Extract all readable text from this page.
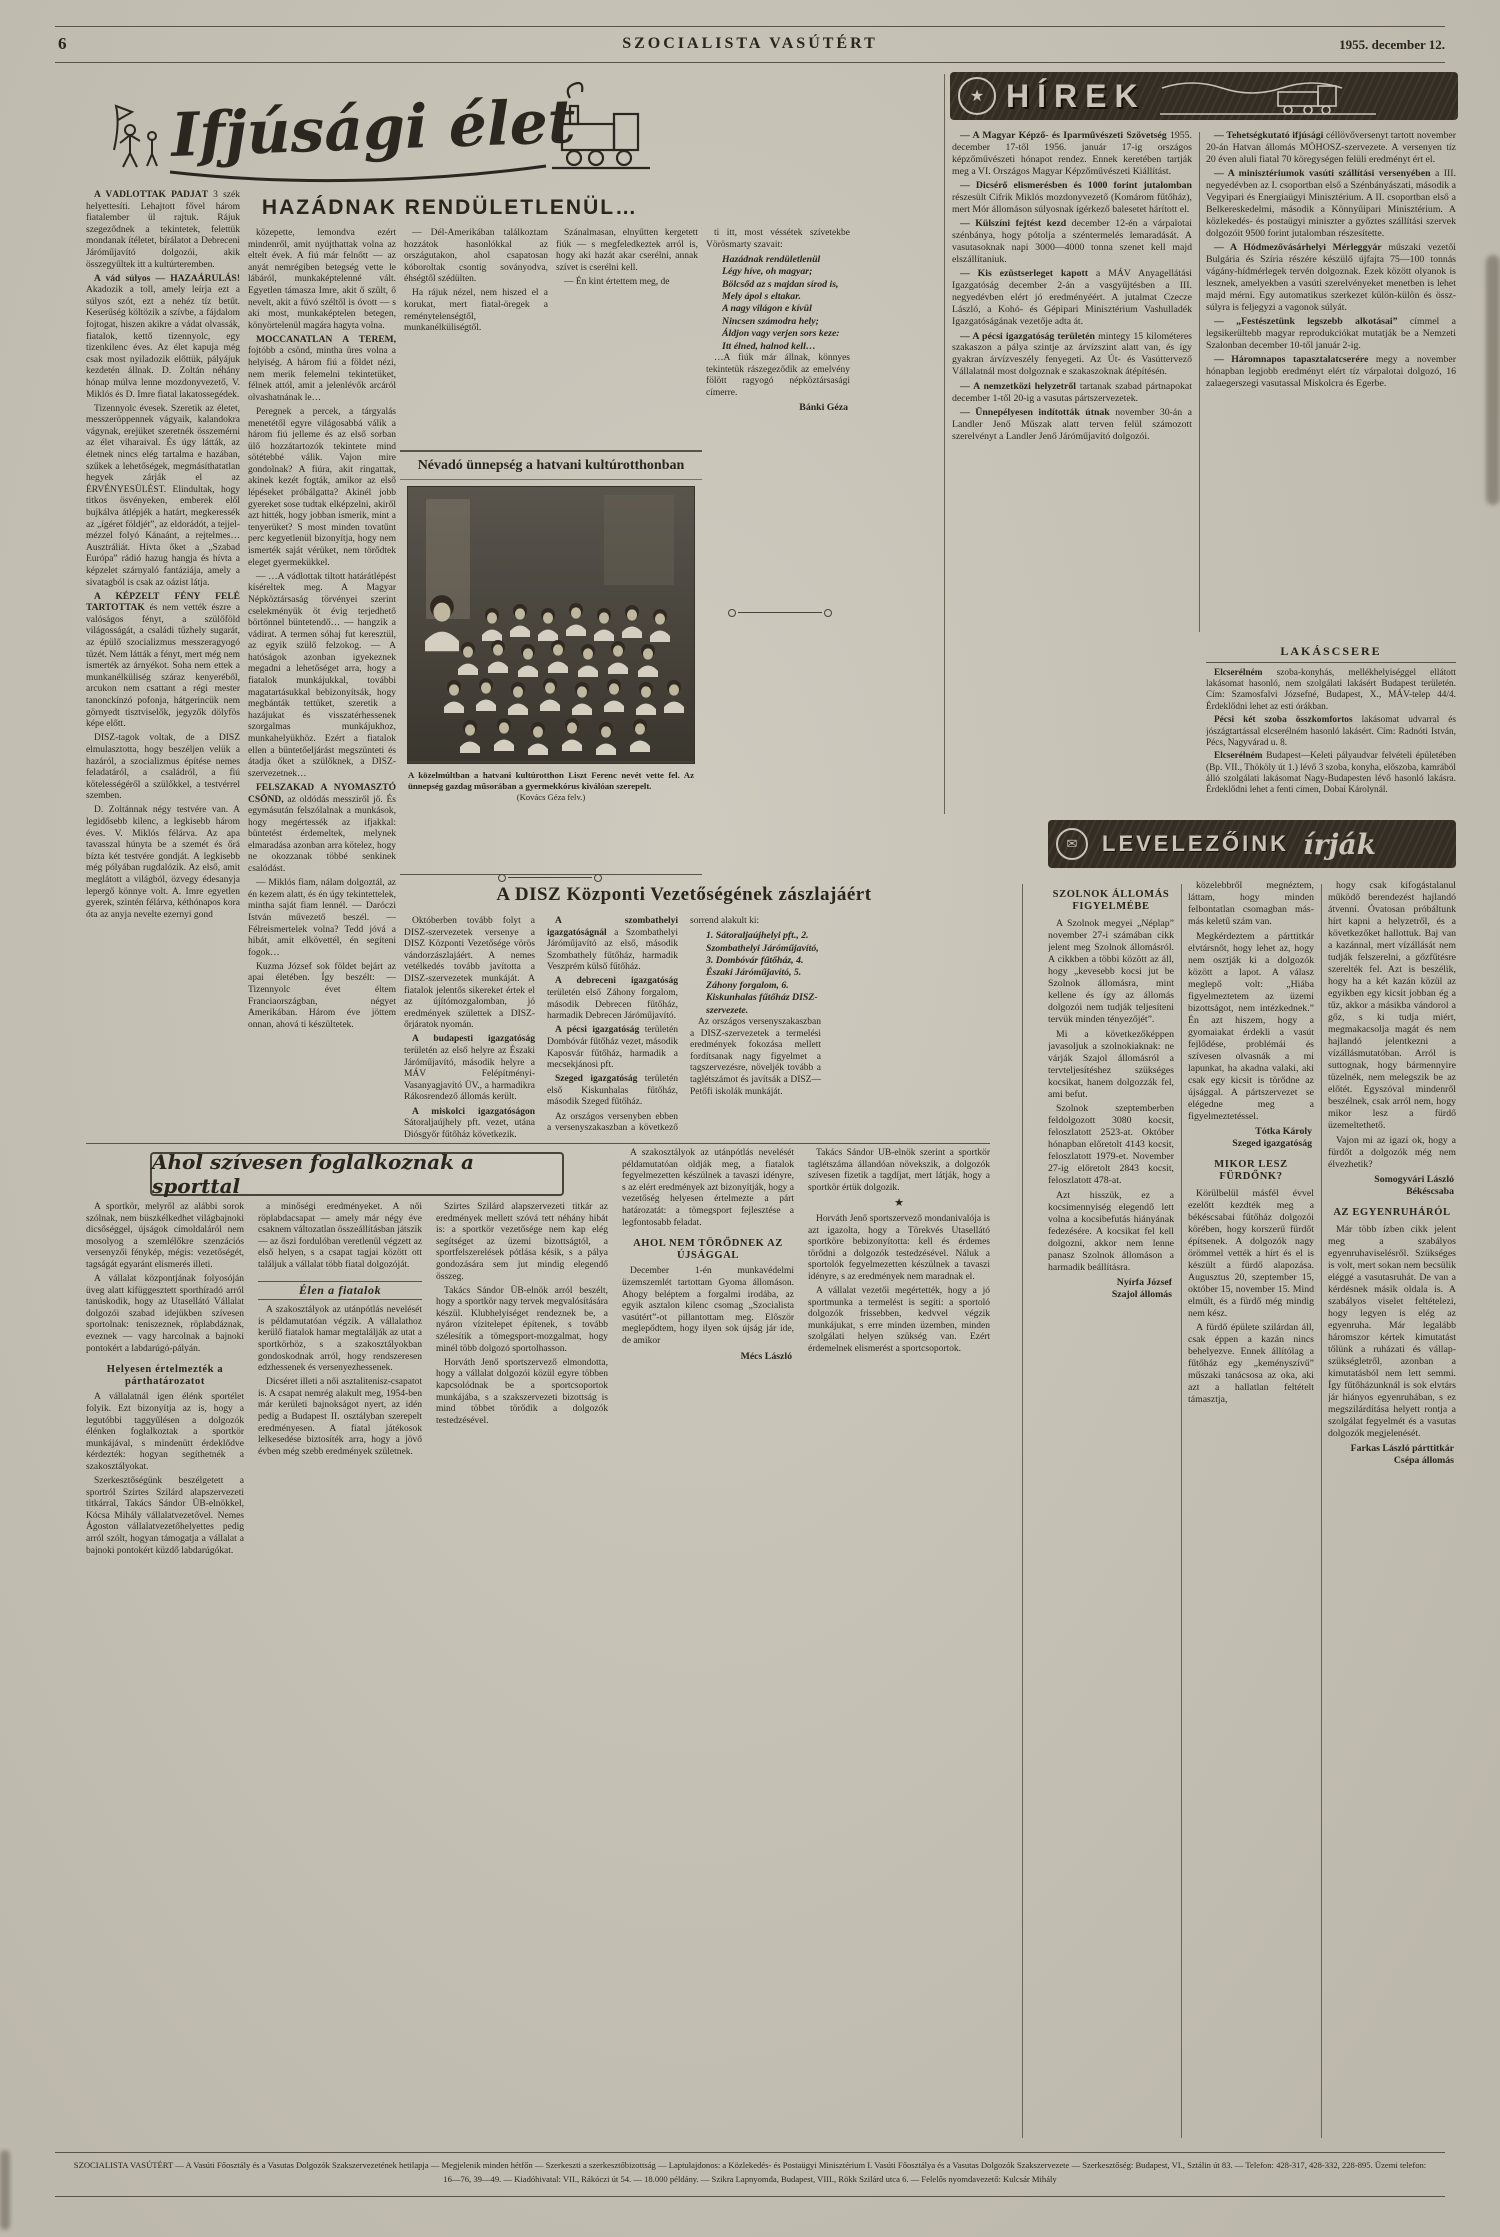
6	SZOCIALISTA VASÚTÉRT	1955. december 12.
Ifjúsági élet
HAZÁDNAK RENDÜLETLENÜL…

A VÁDLOTTAK PADJÁT 3 szék helyettesíti. Lehajtott fővel három fiatalember ül rajtuk. Rájuk szegeződnek a tekintetek, felettük mondanak ítéletet, bírálatot a Debreceni Járóműjavító dolgozói, akik összegyűltek itt a kultúrteremben.

A vád súlyos — HAZAÁRULÁS! Akadozik a toll, amely leírja ezt a súlyos szót, ezt a nehéz tíz betűt. Keserűség költözik a szívbe, a fájdalom fojtogat, hiszen akikre a vádat olvassák, fiatalok, kettő tizennyolc, egy tizenkilenc éves. Az élet kapuja még csak most nyiladozik előttük, pályájuk kezdetén állnak. D. Zoltán néhány hónap múlva lenne mozdonyvezető, V. Miklós és D. Imre fiatal lakatossegédek.

Tizennyolc évesek. Szeretik az életet, messzeröppennek vágyaik, kalandokra vágynak, erejüket szeretnék összemérni az élet viharaival. És úgy látták, az életnek nincs elég tartalma e hazában, szűkek a lehetőségek, megmásíthatatlan hegyek zárják el az ÉRVÉNYESÜLÉST. Elindultak, hogy titkos ösvényeken, emberek elől bujkálva átlépjék a határt, megkeressék az „ígéret földjét”, az eldorádót, a tejjel-mézzel folyó Kánaánt, a rejtelmes… Ausztráliát. Hívta őket a „Szabad Európa” rádió hazug hangja és hívta a képzelet szárnyaló fantáziája, amely a sivatagból is csak az oázist látja.

A KÉPZELT FÉNY FELÉ TARTOTTAK és nem vették észre a valóságos fényt, a szülőföld világosságát, a családi tűzhely sugarát, az épülő szocializmus messzeragyogó tüzét. Nem látták a fényt, mert még nem ismerték az árnyékot. Soha nem ettek a munkanélküliség száraz kenyeréből, arcukon nem csattant a régi mester tanonckínzó pofonja, hátgerincük nem görnyedt tisztviselők, jegyzők dölyfös képe előtt.

DISZ-tagok voltak, de a DISZ elmulasztotta, hogy beszéljen velük a hazáról, a szocializmus építése nemes feladatáról, a családról, a fiú kötelességéről a szülőkkel, a testvérrel szemben.

D. Zoltánnak négy testvére van. A legidősebb kilenc, a legkisebb három éves. V. Miklós félárva. Az apa tavasszal húnyta be a szemét és őrá bízta két testvére gondját. A legkisebb még pólyában rugdalózik. Az első, amit meglátott a világból, özvegy édesanyja lepergő könnye volt. A. Imre egyetlen gyerek, szintén félárva, kéthónapos kora óta az anyja nevelte ezernyi gond

közepette, lemondva ezért mindenről, amit nyújthattak volna az eltelt évek. A fiú már felnőtt — az anyát nemrégiben betegség vette le lábáról, munkaképtelenné vált. Egyetlen támasza Imre, akit ő szült, ő nevelt, akit a fúvó széltől is óvott — s aki most, munkaképtelen betegen, könyörtelenül magára hagyta volna.

MOCCANATLAN A TEREM, fojtóbb a csönd, mintha üres volna a helyiség. A három fiú a földet nézi, nem merik felemelni tekintetüket, félnek attól, amit a jelenlévők arcáról olvashatnának le…

Peregnek a percek, a tárgyalás menetétől egyre világosabbá válik a három fiú jelleme és az első sorban ülő hozzátartozók tekintete mind sötétebbé válik. Vajon mire gondolnak? A fiúra, akit ringattak, akinek kezét fogták, amikor az első lépéseket próbálgatta? Akinél jobb gyereket sose tudtak elképzelni, akiről azt hitték, hogy jobban ismerik, mint a tenyerüket? S most minden tovatűnt perc kegyetlenül bizonyítja, hogy nem ismerték saját vérüket, nem törődtek eleget gyermekükkel.

— …A vádlottak tiltott határátlépést kíséreltek meg. A Magyar Népköztársaság törvényei szerint cselekményük öt évig terjedhető börtönnel büntetendő… — hangzik a vádirat. A termen sóhaj fut keresztül, az egyik szülő felzokog. — A hatóságok azonban igyekeznek megadni a lehetőséget arra, hogy a fiatalok munkájukkal, további magatartásukkal bebizonyítsák, hogy megbánták tettüket, szeretik a hazájukat és visszatérhessenek szorgalmas munkájukhoz, munkahelyükhöz. Ezért a fiatalok ellen a büntetőeljárást megszünteti és átadja őket a szülőknek, a DISZ-szervezetnek…

FELSZAKAD A NYOMASZTÓ CSÖND, az oldódás messziről jő. És egymásután felszólalnak a munkások, hogy megértessék az ifjakkal: büntetést érdemeltek, melynek elmaradása azonban arra kötelez, hogy ne okozzanak többé senkinek csalódást.

— Miklós fiam, nálam dolgoztál, az én kezem alatt, és én úgy tekintettelek, mintha saját fiam lennél. — Daróczi István művezető beszél. — Félreismertelek volna? Tedd jóvá a hibát, amit elkövettél, én segíteni fogok…

Kuzma József sok földet bejárt az apai életében. Így beszélt: — Tizennyolc évet éltem Franciaországban, négyet Amerikában. Három éve jöttem onnan, ahová ti készültetek.

— Dél-Amerikában találkoztam hozzátok hasonlókkal az országutakon, ahol csapatosan kóboroltak csontig soványodva, éhségtől szédülten.

Ha rájuk nézel, nem hiszed el a korukat, mert fiatal-öregek a reménytelenségtől, munkanélküliségtől.

Szánalmasan, elnyűtten kergetett fiúk — s megfeledkeztek arról is, hogy aki hazát akar cserélni, annak szívet is cserélni kell.

— Én kint értettem meg, de

ti itt, most véssétek szívetekbe Vörösmarty szavait:

Hazádnak rendületlenül
Légy híve, oh magyar;
Bölcsőd az s majdan sírod is,
Mely ápol s eltakar.
A nagy világon e kívül
Nincsen számodra hely;
Áldjon vagy verjen sors keze:
Itt élned, halnod kell…

…A fiúk már állnak, könnyes tekintetük rászegeződik az emelvény fölött ragyogó népköztársasági címerre.

Bánki Géza
Névadó ünnepség a hatvani kultúrotthonban
A közelmúltban a hatvani kultúrotthon Liszt Ferenc nevét vette fel. Az ünnepség gazdag műsorában a gyermekkórus kiválóan szerepelt.
(Kovács Géza felv.)
A DISZ Központi Vezetőségének zászlajáért

Októberben tovább folyt a DISZ-szervezetek versenye a DISZ Központi Vezetősége vörös vándorzászlajáért. A nemes vetélkedés tovább javította a DISZ-szervezetek munkáját. A fiatalok jelentős sikereket értek el az újítómozgalomban, jó eredmények születtek a DISZ-őrjáratok nyomán.

A budapesti igazgatóság területén az első helyre az Északi Járóműjavító, második helyre a MÁV Felépítményi-Vasanyagjavító ÜV., a harmadikra Rákosrendező állomás került.

A miskolci igazgatóságon Sátoraljaújhely pft. vezet, utána Diósgyőr fűtőház következik.

A szombathelyi igazgatóságnál a Szombathelyi Járóműjavító az első, második Szombathely fűtőház, harmadik Veszprém külső fűtőház.

A debreceni igazgatóság területén első Záhony forgalom, második Debrecen fűtőház, harmadik Debrecen Járóműjavító.

A pécsi igazgatóság területén Dombóvár fűtőház vezet, második Kaposvár fűtőház, harmadik a mecsekjánosi pft.

Szeged igazgatóság területén első Kiskunhalas fűtőház, második Szeged fűtőház.

Az országos versenyben ebben a versenyszakaszban a következő sorrend alakult ki:

1. Sátoraljaújhelyi pft., 2. Szombathelyi Járóműjavító, 3. Dombóvár fűtőház, 4. Északi Járóműjavító, 5. Záhony forgalom, 6. Kiskunhalas fűtőház DISZ-szervezete.

Az országos versenyszakaszban a DISZ-szervezetek a termelési eredmények fokozása mellett fordítsanak nagy figyelmet a tagszervezésre, növeljék tovább a taglétszámot és javítsák a DISZ—Petőfi iskolák munkáját.

★ HÍREK

— A Magyar Képző- és Iparművészeti Szövetség 1955. december 17-től 1956. január 17-ig országos képzőművészeti hónapot rendez. Ennek keretében tartják meg a VI. Országos Magyar Képzőművészeti Kiállítást.

— Dicsérő elismerésben és 1000 forint jutalomban részesült Cifrik Miklós mozdonyvezető (Komárom fűtőház), mert Mór állomáson súlyosnak ígérkező balesetet hárított el.

— Külszíni fejtést kezd december 12-én a várpalotai szénbánya, hogy pótolja a széntermelés lemaradását. A vasutasoknak napi 3000—4000 tonna szenet kell majd elszállítaniuk.

— Kis ezüstserleget kapott a MÁV Anyagellátási Igazgatóság december 2-án a vasgyűjtésben a III. negyedévben elért jó eredményéért. A jutalmat Czecze László, a Kohó- és Gépipari Minisztérium Vashulladék Igazgatóságának vezetője adta át.

— A pécsi igazgatóság területén mintegy 15 kilométeres szakaszon a pálya szintje az árvízszint alatt van, és így gyakran árvízveszély fenyegeti. Az Út- és Vasúttervező Vállalatnál most dolgoznak e szakaszoknak átépítésén.

— A nemzetközi helyzetről tartanak szabad pártnapokat december 1-től 20-ig a vasutas pártszervezetek.

— Ünnepélyesen indították útnak november 30-án a Landler Jenő Műszak alatt terven felül számozott szerelvényt a Landler Jenő Járóműjavító dolgozói.

— Tehetségkutató ifjúsági céllövőversenyt tartott november 20-án Hatvan állomás MÖHOSZ-szervezete. A versenyen tíz 20 éven aluli fiatal 70 köregységen felüli eredményt ért el.

— A minisztériumok vasúti szállítási versenyében a III. negyedévben az I. csoportban első a Szénbányászati, második a Vegyipari és Energiaügyi Minisztérium. A II. csoportban első a Belkereskedelmi, második a Könnyűipari Minisztérium. A közlekedés- és postaügyi miniszter a győztes szállítási szervek dolgozóit 9500 forint jutalomban részesítette.

— A Hódmezővásárhelyi Mérleggyár műszaki vezetői Bulgária és Szíria részére készülő újfajta 75—100 tonnás vágány-hídmérlegek tervén dolgoznak. Ezek között olyanok is lesznek, amelyekben a vasúti szerelvényeket menetben is lehet majd mérni. Egy automatikus szerkezet külön-külön és össz-súlyra is feljegyzi a vagonok súlyát.

— „Festészetünk legszebb alkotásai” címmel a legsikerültebb magyar reprodukciókat mutatják be a Nemzeti Szalonban december 10-től január 2-ig.

— Háromnapos tapasztalatcserére megy a november hónapban legjobb eredményt elért tíz várpalotai dolgozó, 16 zalaegerszegi vasutassal Miskolcra és Egerbe.

LAKÁSCSERE

Elcserélném szoba-konyhás, mellékhelyiséggel ellátott lakásomat hasonló, nem szolgálati lakásért Budapest területén. Cím: Szamosfalvi Józsefné, Budapest, X., MÁV-telep 44/4. Érdeklődni lehet az esti órákban.

Pécsi két szoba összkomfortos lakásomat udvarral és jószágtartással elcserélném hasonló lakásért. Cím: Radnóti István, Pécs, Nagyvárad u. 8.

Elcserélném Budapest—Keleti pályaudvar felvételi épületében (Bp. VII., Thököly út 1.) lévő 3 szoba, konyha, előszoba, kamrából álló szolgálati lakásomat Nagy-Budapesten lévő hasonló lakásra. Érdeklődni lehet a fenti címen, Dobai Károlynál.

✉	LEVELEZŐINK írják
SZOLNOK ÁLLOMÁS FIGYELMÉBE

A Szolnok megyei „Néplap” november 27-i számában cikk jelent meg Szolnok állomásról. A cikkben a többi között az áll, hogy „kevesebb kocsi jut be Szolnok állomásra, mint kellene és így az állomás dolgozói nem tudják teljesíteni tervük minden tényezőjét”.

Mi a következőképpen javasoljuk a szolnokiaknak: ne várják Szajol állomásról a tervteljesítéshez szükséges kocsikat, hanem dolgozzák fel, ami befut.

Szolnok szeptemberben feldolgozott 3080 kocsit, feloszlatott 2523-at. Október hónapban előretolt 4143 kocsit, feloszlatott 1979-et. November 27-ig előretolt 2843 kocsit, feloszlatott 478-at.

Azt hisszük, ez a kocsimennyiség elegendő lett volna a kocsibefutás hiányának fedezésére. A kocsikat fel kell dolgozni, akkor nem lenne panasz Szolnok állomáson a harmadik beállításra.

Nyírfa József
Szajol állomás

közelebbről megnéztem, láttam, hogy minden felbontatlan csomagban más-más keletű szám van.

Megkérdeztem a párttitkár elvtársnőt, hogy lehet az, hogy nem osztják ki a dolgozók között a lapot. A válasz meglepő volt: „Hiába figyelmeztetem az üzemi bizottságot, nem intézkednek.” Én azt hiszem, hogy a gyomaiakat érdekli a vasút fejlődése, problémái és szívesen olvasnák a mi lapunkat, ha akadna valaki, aki csak egy kicsit is törődne az újsággal. A pártszervezet se elégedne meg a figyelmeztetéssel.

Tótka Károly
Szeged igazgatóság
MIKOR LESZ FÜRDŐNK?

Körülbelül másfél évvel ezelőtt kezdték meg a békéscsabai fűtőház dolgozói körében, hogy korszerű fürdőt építsenek. A dolgozók nagy örömmel vették a hírt és el is készült a fürdő alapozása. Augusztus 20, szeptember 15, október 15, november 15. Mind elmúlt, és a fürdő még mindig nem kész.

A fürdő épülete szilárdan áll, csak éppen a kazán nincs behelyezve. Ennek állítólag a fűtőház egy „keményszívű” műszaki tanácsosa az oka, aki azt a hallatlan feltételt támasztja,

hogy csak kifogástalanul működő berendezést hajlandó átvenni. Óvatosan próbáltunk hírt kapni a helyzetről, és a következőket hallottuk. Baj van a kazánnal, mert vízállását nem tudják felszerelni, a gőzfűtésre szerelték fel. Azt is beszélik, hogy ha a két kazán közül az egyikben egy kicsit jobban ég a tűz, akkor a másikba vándorol a gőz, s ki tudja miért, megmakacsolja magát és nem hajlandó jelentkezni a vízállásmutatóban. Arról is suttognak, hogy bármennyire tüzelnék, nem melegszik be az előtét. Egyszóval mindenről beszélnek, csak arról nem, hogy mikor lesz a fürdő üzemeltethető.

Vajon mi az igazi ok, hogy a fürdőt a dolgozók még nem élvezhetik?

Somogyvári László
Békéscsaba
AZ EGYENRUHÁRÓL

Már több ízben cikk jelent meg a szabályos egyenruhaviselésről. Szükséges is volt, mert sokan nem becsülik eléggé a vasutasruhát. De van a kérdésnek másik oldala is. A szabályos viselet feltételezi, hogy legyen is elég az egyenruha. Már legalább háromszor kértek kimutatást tőlünk a ruházati és vállap-szükségletről, azonban a kimutatásból nem lett semmi. Így fűtőházunknál is sok elvtárs jár hiányos egyenruhában, s ez megszilárdítása helyett rontja a szolgálat fegyelmét és a vasutas dolgozók megjelenését.

Farkas László párttitkár
Csépa állomás
Ahol szívesen foglalkoznak a sporttal

A sportkör, melyről az alábbi sorok szólnak, nem büszkélkedhet világbajnoki dicsőséggel, újságok címoldaláról nem mosolyog a szemlélőkre szenzációs versenyzői fénykép, mégis: vezetőségét, tagságát egyaránt elismerés illeti.

A vállalat központjának folyosóján üveg alatt kifüggesztett sporthíradó arról tanúskodik, hogy az Utasellátó Vállalat dolgozói szabad idejükben szívesen sportolnak: teniszeznek, röplabdáznak, eveznek — vagy harcolnak a bajnoki pontokért a labdarúgó-pályán.

Helyesen értelmezték a párthatározatot

A vállalatnál igen élénk sportélet folyik. Ezt bizonyítja az is, hogy a legutóbbi taggyűlésen a dolgozók élénken foglalkoztak a sportkör munkájával, s mindenütt érdeklődve kérdezték: hogyan segíthetnék a szakosztályokat.

Szerkesztőségünk beszélgetett a sportról Szirtes Szilárd alapszervezeti titkárral, Takács Sándor ÜB-elnökkel, Kócsa Mihály vállalatvezetővel. Nemes Ágoston vállalatvezetőhelyettes pedig arról szólt, hogyan támogatja a vállalat a bajnoki pontokért küzdő labdarúgókat.

a minőségi eredményeket. A női röplabdacsapat — amely már négy éve csaknem változatlan összeállításban játszik — az őszi fordulóban veretlenül végzett az első helyen, s a csapat tagjai között ott találjuk a vállalat több fiatal dolgozóját.

Élen a fiatalok

A szakosztályok az utánpótlás nevelését is példamutatóan végzik. A vállalathoz kerülő fiatalok hamar megtalálják az utat a sportkörhöz, s a szakosztályokban gondoskodnak arról, hogy rendszeresen edzhessenek és versenyezhessenek.

Dicséret illeti a női asztalitenisz-csapatot is. A csapat nemrég alakult meg, 1954-ben már kerületi bajnokságot nyert, az idén pedig a Budapest II. osztályban szerepelt eredményesen. A fiatal játékosok lelkesedése biztosíték arra, hogy a jövő évben még szebb eredmények születnek.

Szirtes Szilárd alapszervezeti titkár az eredmények mellett szóvá tett néhány hibát is: a sportkör vezetősége nem kap elég segítséget az üzemi bizottságtól, a sportfelszerelések pótlása késik, s a pálya gondozására sem jut mindig elegendő összeg.

Takács Sándor ÜB-elnök arról beszélt, hogy a sportkör nagy tervek megvalósítására készül. Klubhelyiséget rendeznek be, a nyáron vízitelepet építenek, s tovább szélesítik a tömegsport-mozgalmat, hogy minél több dolgozó sportolhasson.

Horváth Jenő sportszervező elmondotta, hogy a vállalat dolgozói közül egyre többen kapcsolódnak be a sportcsoportok munkájába, s a szakszervezeti bizottság is mind többet törődik a dolgozók testedzésével.

A szakosztályok az utánpótlás nevelését példamutatóan oldják meg, a fiatalok fegyelmezetten készülnek a tavaszi idényre, s az elért eredmények azt bizonyítják, hogy a vezetőség helyesen értelmezte a párt határozatát: a tömegsport fejlesztése a legfontosabb feladat.

AHOL NEM TÖRŐDNEK AZ ÚJSÁGGAL

December 1-én munkavédelmi üzemszemlét tartottam Gyoma állomáson. Ahogy beléptem a forgalmi irodába, az egyik asztalon kilenc csomag „Szocialista vasútért”-ot pillantottam meg. Először meglepődtem, hogy ilyen sok újság jár ide, de amikor

Mécs László

Takács Sándor ÜB-elnök szerint a sportkör taglétszáma állandóan növekszik, a dolgozók szívesen fizetik a tagdíjat, mert látják, hogy a sportkör értük dolgozik.

★

Horváth Jenő sportszervező mondanivalója is azt igazolta, hogy a Törekvés Utasellátó sportköre bebizonyította: kell és érdemes törődni a dolgozók testedzésével. Náluk a sportolók fegyelmezetten készülnek a tavaszi idényre, s az eredmények nem maradnak el.

A vállalat vezetői megértették, hogy a jó sportmunka a termelést is segíti: a sportoló dolgozók frissebben, kedvvel végzik munkájukat, s erre minden üzemben, minden szolgálati helyen szükség van. Ezért érdemelnek elismerést a sportcsoportok.

SZOCIALISTA VASÚTÉRT — A Vasúti Főosztály és a Vasutas Dolgozók Szakszervezetének hetilapja — Megjelenik minden hétfőn — Szerkeszti a szerkesztőbizottság — Laptulajdonos: a Közlekedés- és Postaügyi Minisztérium I. Vasúti Főosztálya és a Vasutas Dolgozók Szakszervezete — Szerkesztőség: Budapest, VI., Sztálin út 83. — Telefon: 428-317, 428-332, 228-895. Üzemi telefon:
16—76, 39—49. — Kiadóhivatal: VII., Rákóczi út 54. — 18.000 példány. — Szikra Lapnyomda, Budapest, VIII., Rökk Szilárd utca 6. — Felelős nyomdavezető: Kulcsár Mihály
